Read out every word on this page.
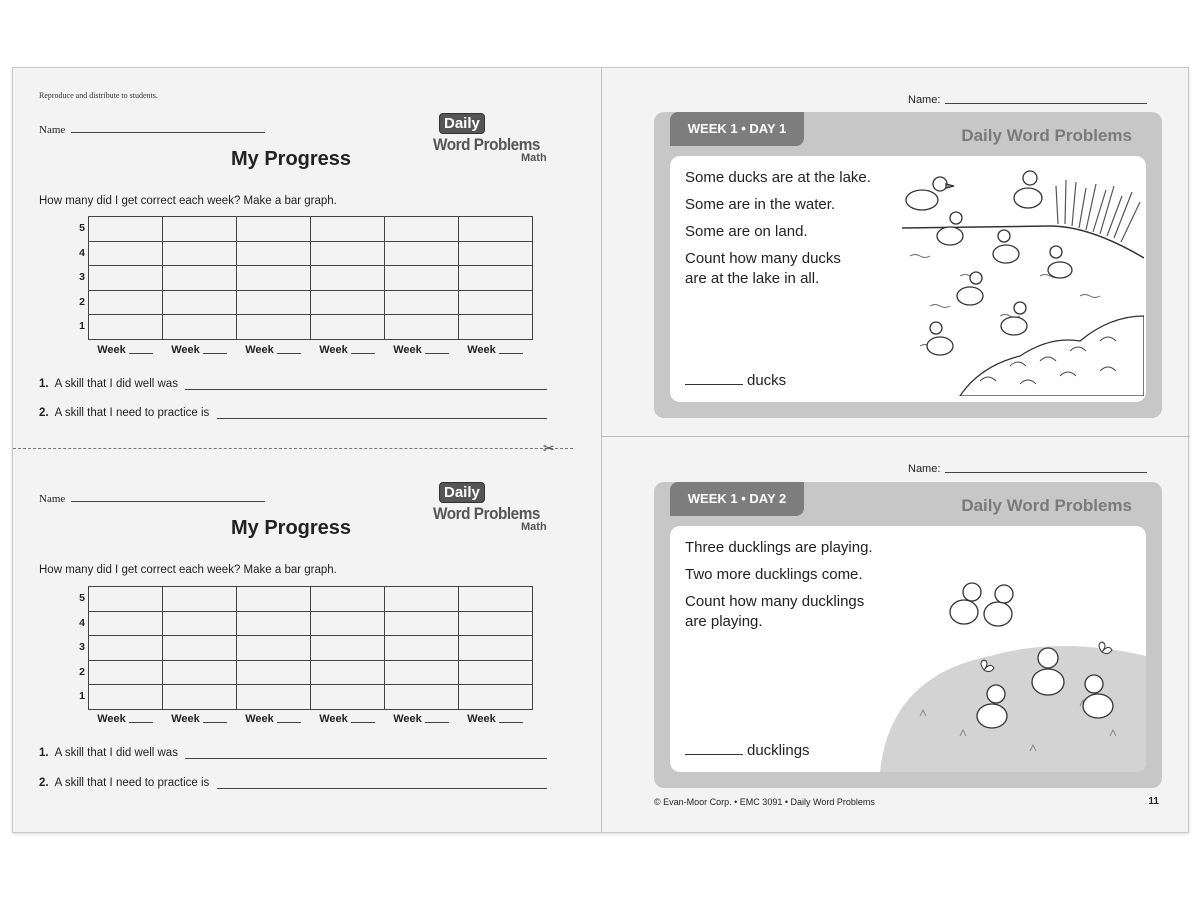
Reproduce and distribute to students.
Name
My Progress
Daily
Word Problems
Math
How many did I get correct each week? Make a bar graph.
5
4
3
2
1

Week	Week	Week	Week	Week	Week
1. A skill that I did well was
2. A skill that I need to practice is
✂
Name
My Progress
Daily
Word Problems
Math
How many did I get correct each week? Make a bar graph.
5
4
3
2
1

Week	Week	Week	Week	Week	Week
1. A skill that I did well was
2. A skill that I need to practice is
Name:
WEEK 1 • DAY 1	Daily Word Problems
Some ducks are at the lake.
Some are in the water.
Some are on land.
Count how many ducks are at the lake in all.
ducks
Name:
WEEK 1 • DAY 2	Daily Word Problems
Three ducklings are playing.
Two more ducklings come.
Count how many ducklings are playing.
ducklings
© Evan-Moor Corp. • EMC 3091 • Daily Word Problems	11
